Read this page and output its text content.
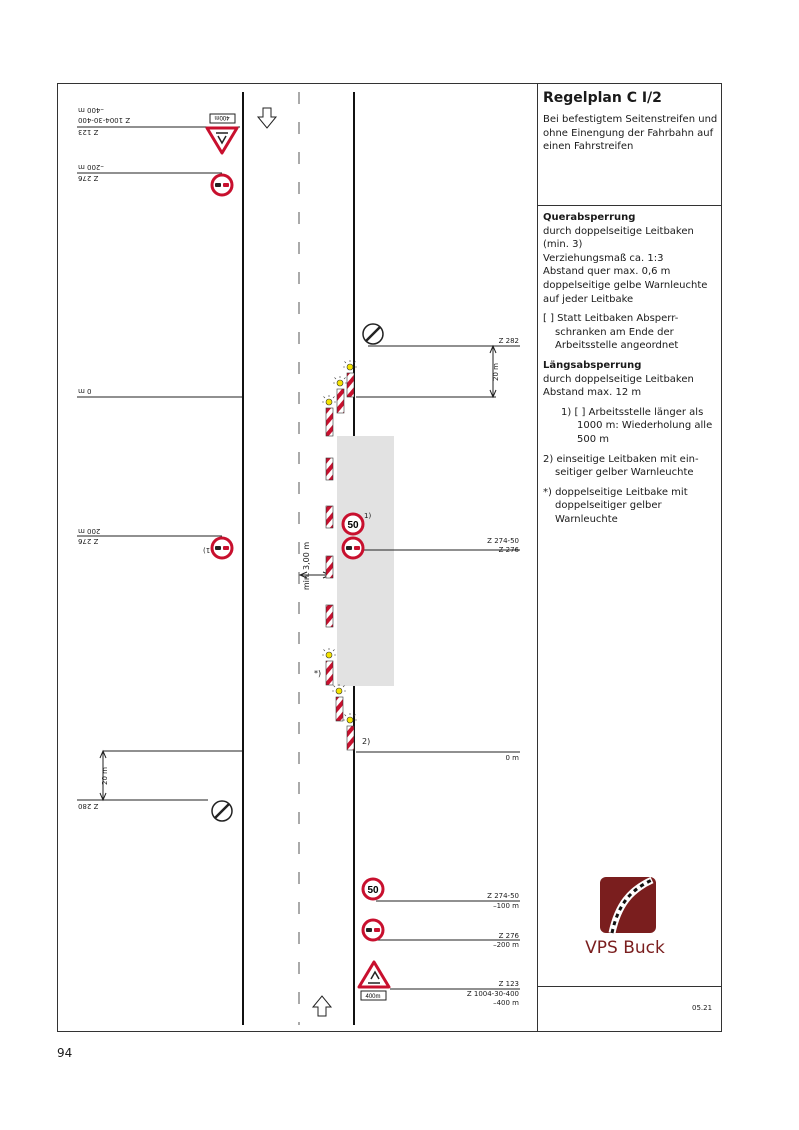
Regelplan C I/2
Bei befestigtem Seitenstreifen und ohne Einengung der Fahrbahn auf einen Fahrstreifen
Querabsperrung
durch doppelseitige Leitbaken
(min. 3)
Verziehungsmaß ca. 1:3
Abstand quer max. 0,6 m
doppelseitige gelbe Warnleuchte auf jeder Leitbake
[ ] Statt Leitbaken Absperr-schranken am Ende der Arbeitsstelle angeordnet
Längsabsperrung
durch doppelseitige Leitbaken
Abstand max. 12 m
1) [ ] Arbeitsstelle länger als 1000 m: Wiederholung alle 500 m
2) einseitige Leitbaken mit ein-seitiger gelber Warnleuchte
*) doppelseitige Leitbake mit doppelseitiger gelber Warnleuchte
50
50
400m
400m
Z 282
20 m
Z 274-50
Z 276
0 m
Z 274-50
–100 m
Z 276
–200 m
Z 123
Z 1004-30-400
–400 m
–400 m
Z 1004-30-400
Z 123
–200 m
Z 276
0 m
200 m
Z 276
20 m
Z 280
min. 3,00 m
1)
1)
2)
*)
VPS Buck
05.21
94
